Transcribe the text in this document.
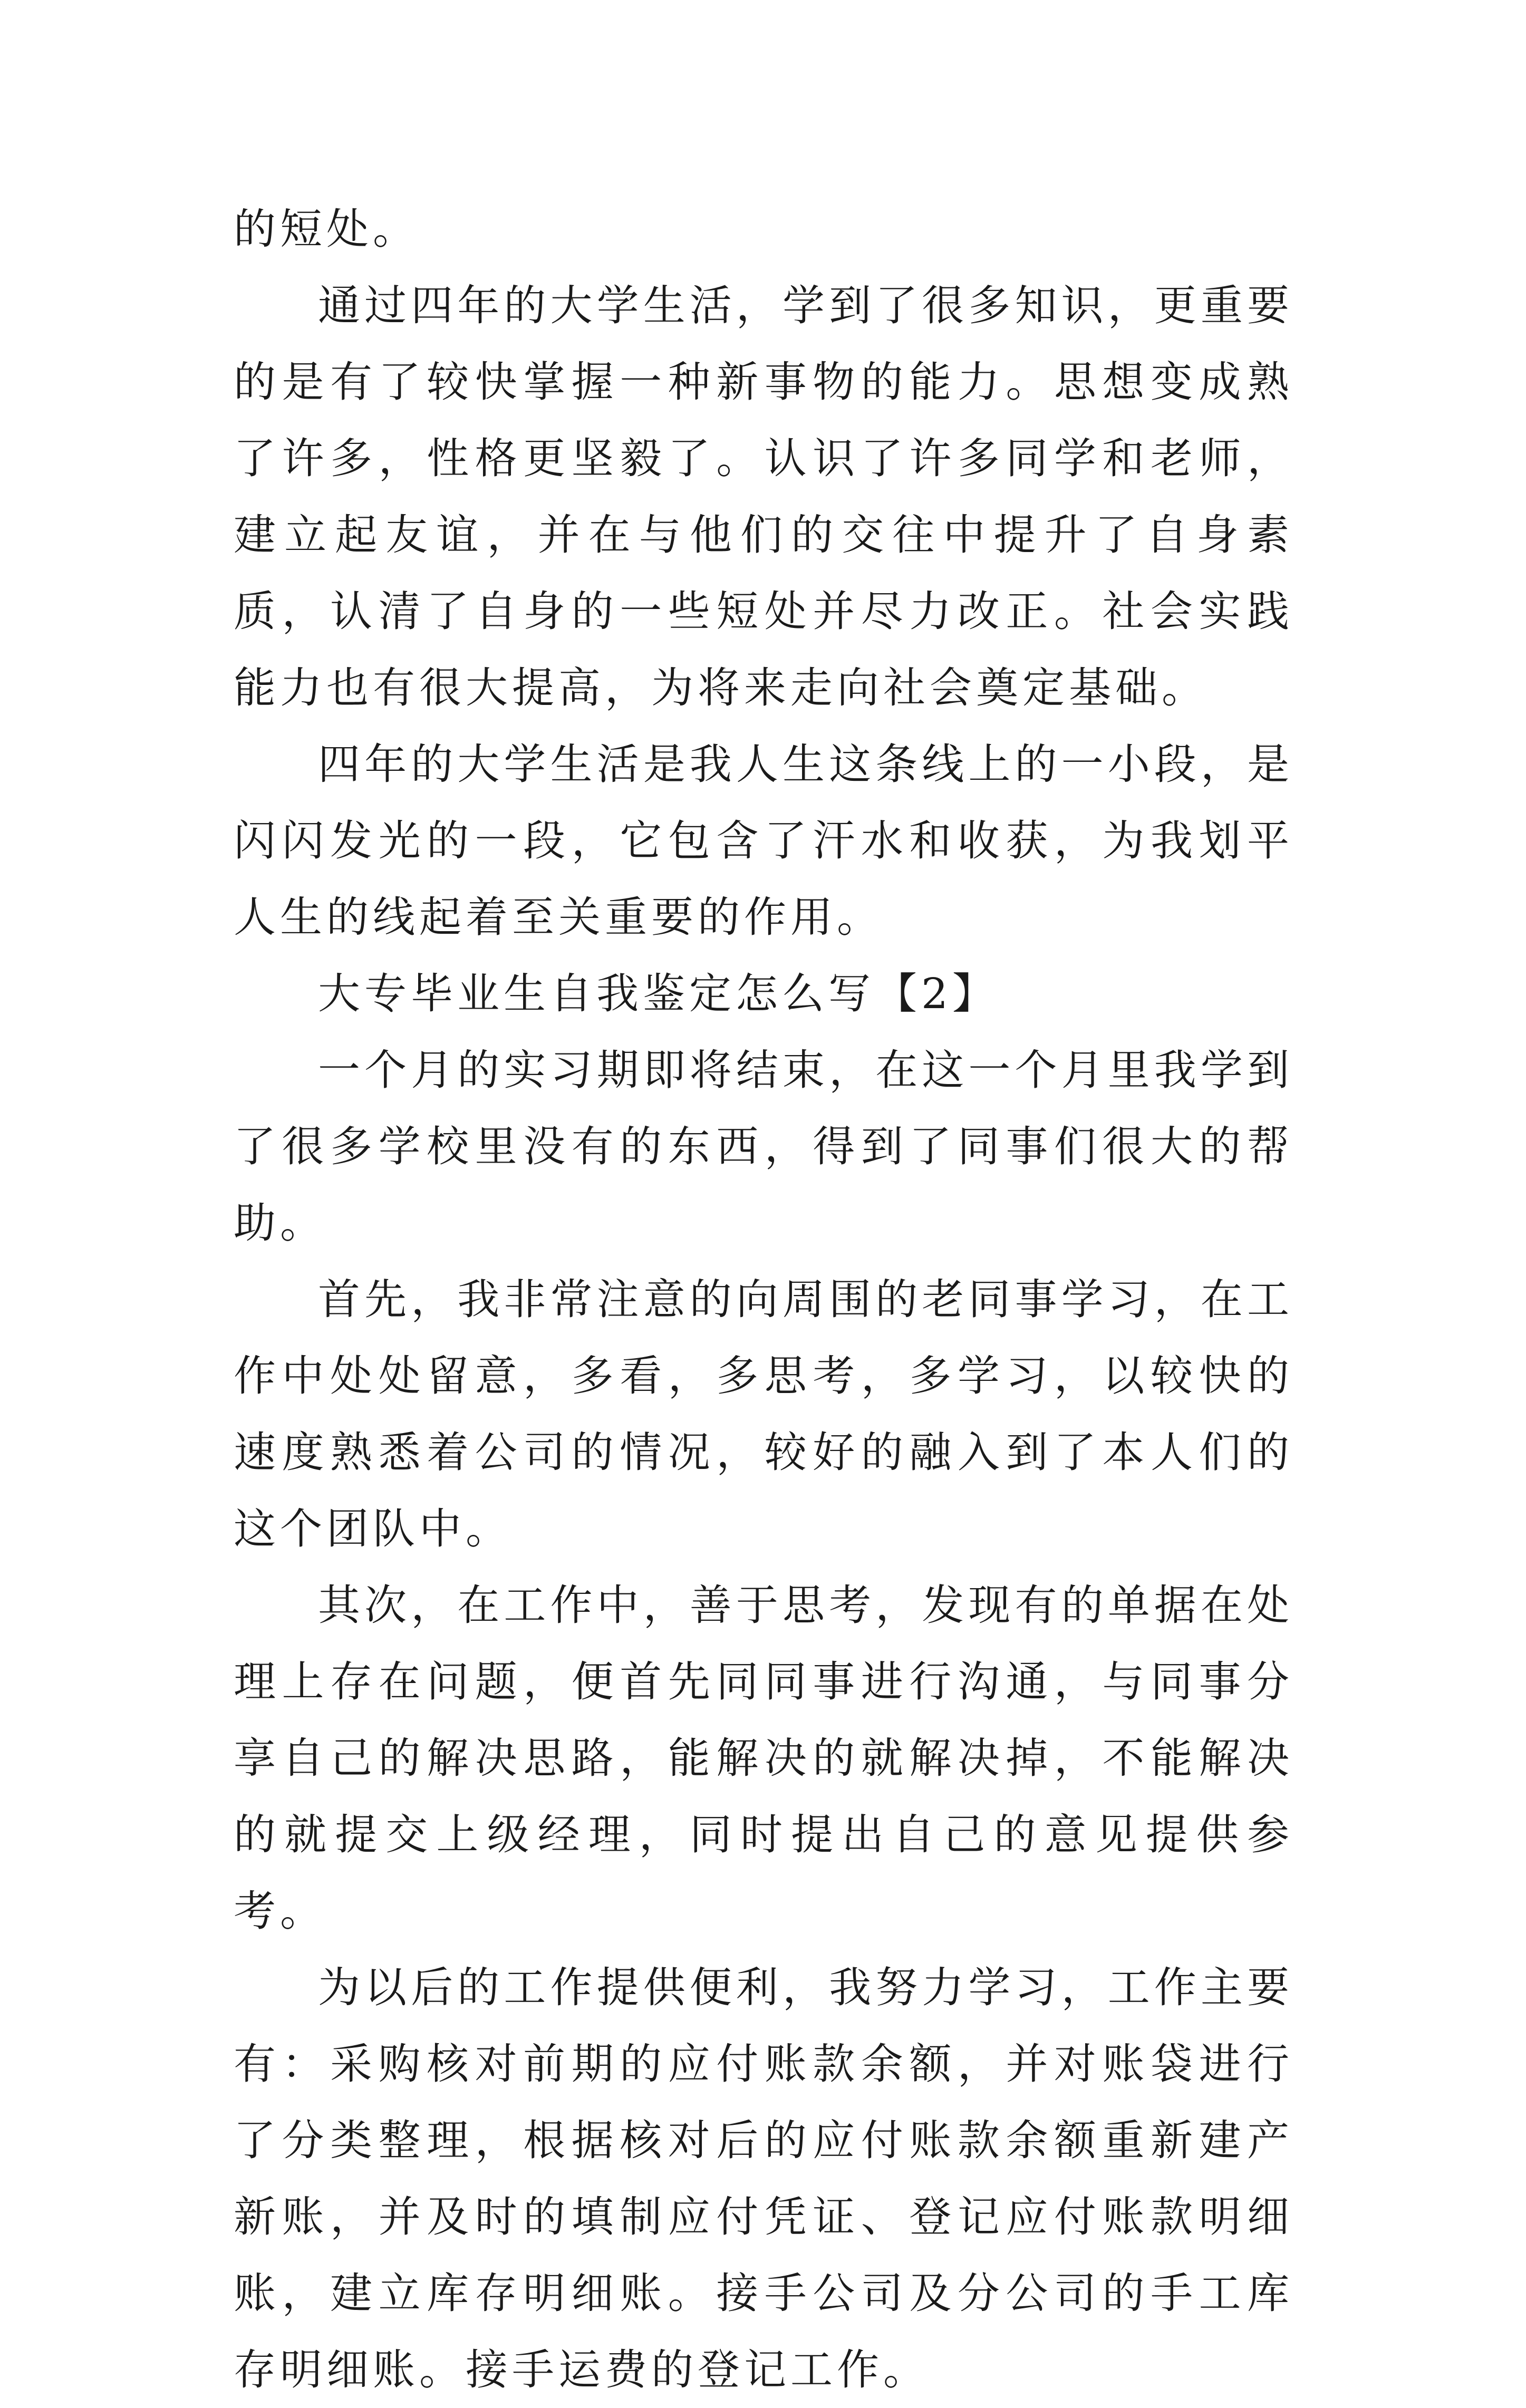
的短处。

通过四年的大学生活，学到了很多知识，更重要的是有了较快掌握一种新事物的能力。思想变成熟了许多，性格更坚毅了。认识了许多同学和老师，建立起友谊，并在与他们的交往中提升了自身素质，认清了自身的一些短处并尽力改正。社会实践能力也有很大提高，为将来走向社会奠定基础。

四年的大学生活是我人生这条线上的一小段，是闪闪发光的一段，它包含了汗水和收获，为我划平人生的线起着至关重要的作用。

大专毕业生自我鉴定怎么写【2】

一个月的实习期即将结束，在这一个月里我学到了很多学校里没有的东西，得到了同事们很大的帮助。

首先，我非常注意的向周围的老同事学习，在工作中处处留意，多看，多思考，多学习，以较快的速度熟悉着公司的情况，较好的融入到了本人们的这个团队中。

其次，在工作中，善于思考，发现有的单据在处理上存在问题，便首先同同事进行沟通，与同事分享自己的解决思路，能解决的就解决掉，不能解决的就提交上级经理，同时提出自己的意见提供参考。

为以后的工作提供便利，我努力学习，工作主要有：采购核对前期的应付账款余额，并对账袋进行了分类整理，根据核对后的应付账款余额重新建产新账，并及时的填制应付凭证、登记应付账款明细账，建立库存明细账。接手公司及分公司的手工库存明细账。接手运费的登记工作。
